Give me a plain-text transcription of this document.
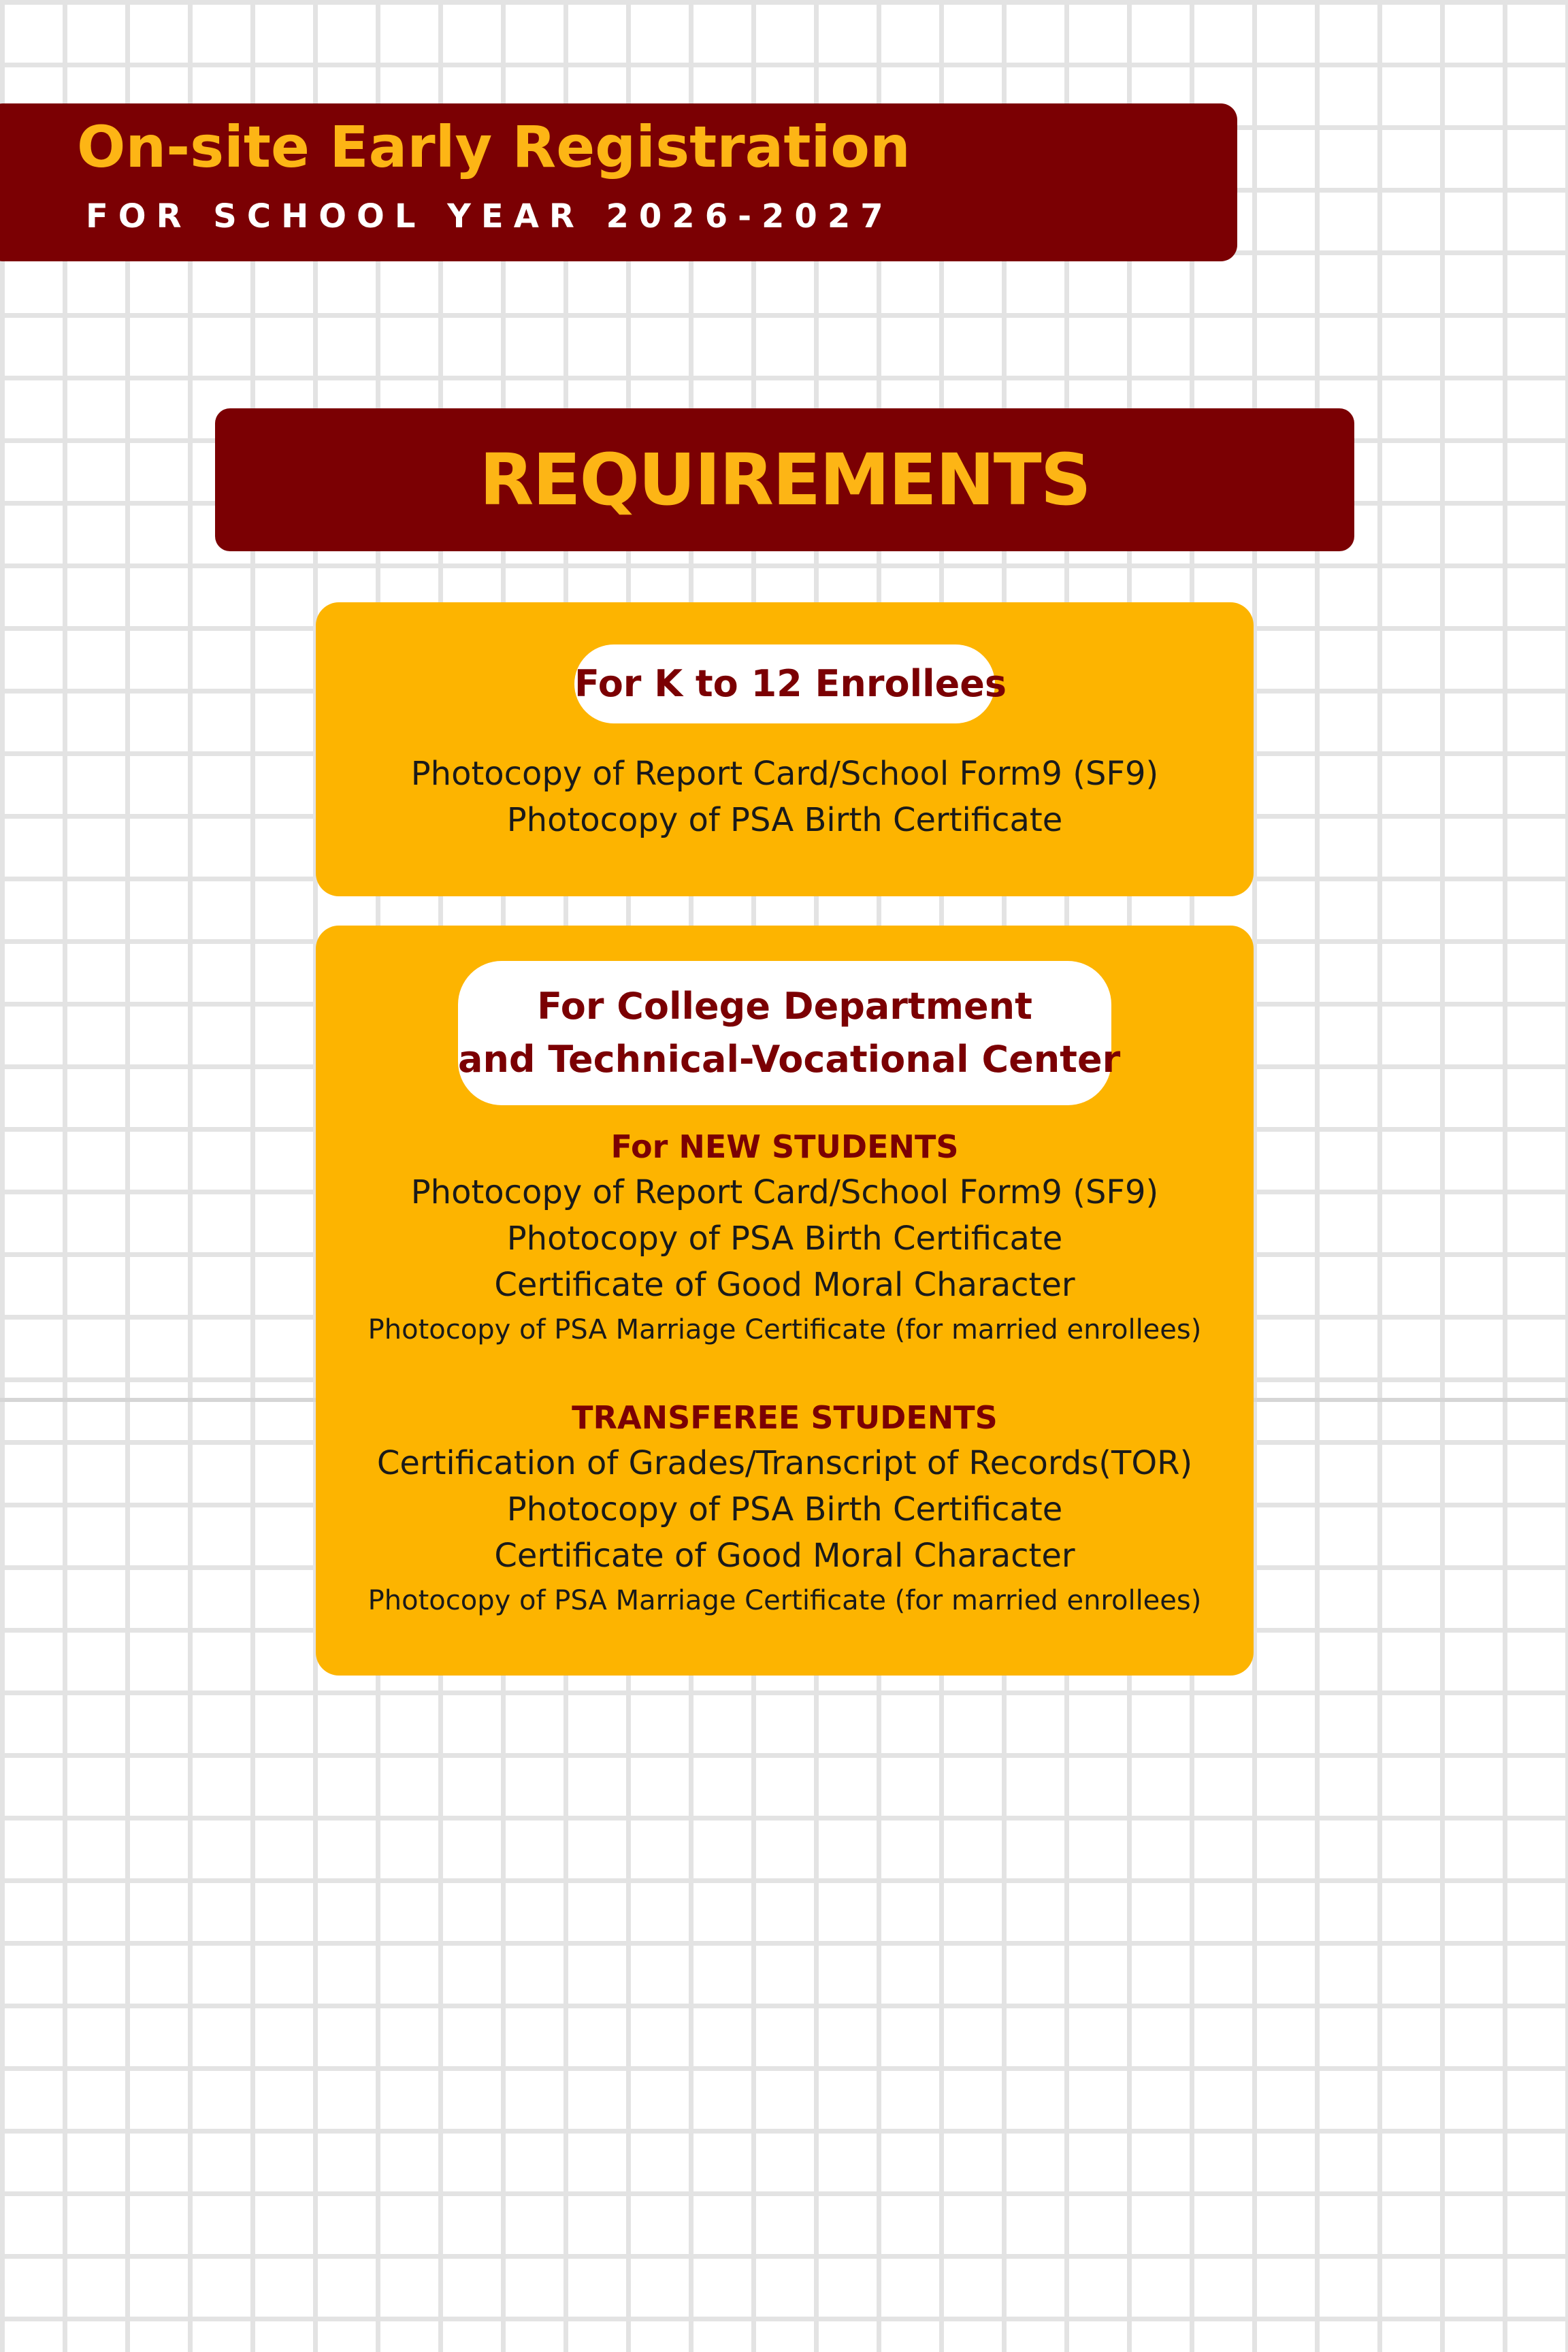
On-site Early Registration

FOR SCHOOL YEAR 2026-2027

REQUIREMENTS
For K to 12 Enrollees
Photocopy of Report Card/School Form9 (SF9)
Photocopy of PSA Birth Certificate
For College Department
and Technical-Vocational Center
For NEW STUDENTS
Photocopy of Report Card/School Form9 (SF9)
Photocopy of PSA Birth Certificate
Certificate of Good Moral Character
Photocopy of PSA Marriage Certificate (for married enrollees)
TRANSFEREE STUDENTS
Certification of Grades/Transcript of Records(TOR)
Photocopy of PSA Birth Certificate
Certificate of Good Moral Character
Photocopy of PSA Marriage Certificate (for married enrollees)
